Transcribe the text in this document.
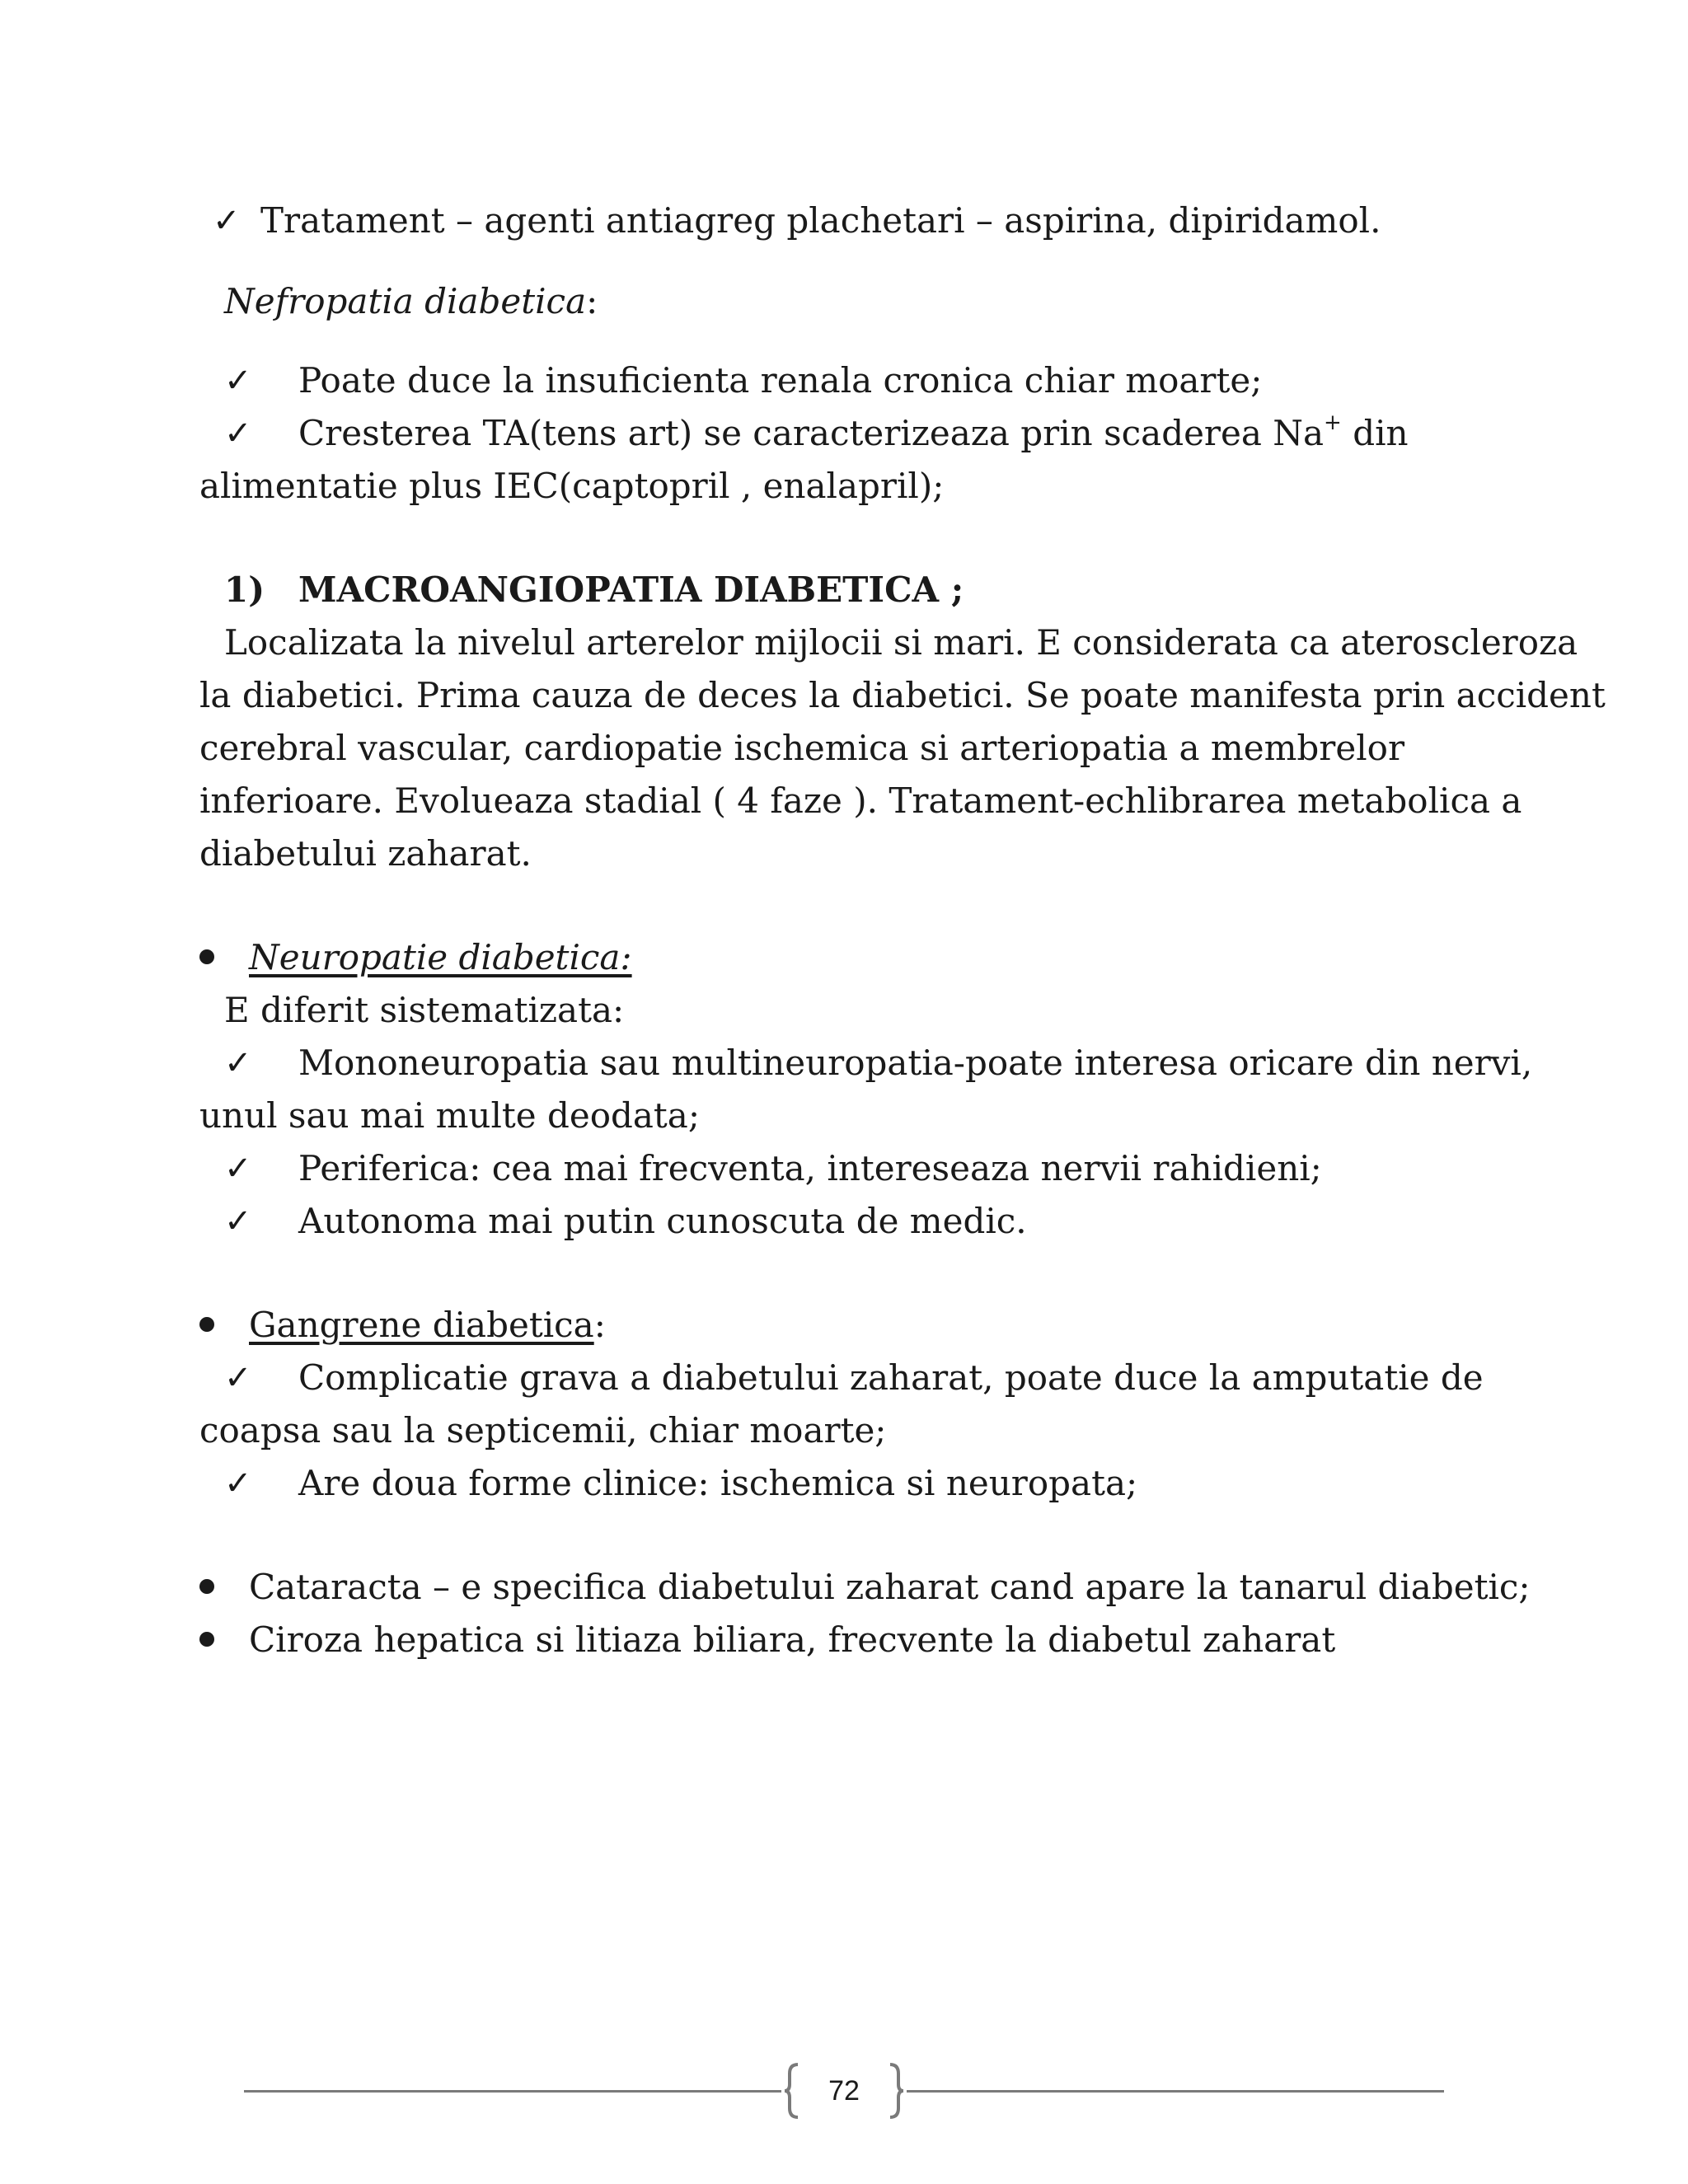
✓ Tratament – agenti antiagreg plachetari – aspirina, dipiridamol.
Nefropatia diabetica:
✓ Poate duce la insuficienta renala cronica chiar moarte;
✓ Cresterea TA(tens art) se caracterizeaza prin scaderea Na+ din
alimentatie plus IEC(captopril , enalapril);
1) MACROANGIOPATIA DIABETICA ;
Localizata la nivelul arterelor mijlocii si mari. E considerata ca ateroscleroza
la diabetici. Prima cauza de deces la diabetici. Se poate manifesta prin accident
cerebral vascular, cardiopatie ischemica si arteriopatia a membrelor
inferioare. Evolueaza stadial ( 4 faze ). Tratament-echlibrarea metabolica a
diabetului zaharat.
Neuropatie diabetica:
E diferit sistematizata:
✓ Mononeuropatia sau multineuropatia-poate interesa oricare din nervi,
unul sau mai multe deodata;
✓ Periferica: cea mai frecventa, intereseaza nervii rahidieni;
✓ Autonoma mai putin cunoscuta de medic.
Gangrene diabetica:
✓ Complicatie grava a diabetului zaharat, poate duce la amputatie de
coapsa sau la septicemii, chiar moarte;
✓ Are doua forme clinice: ischemica si neuropata;
Cataracta – e specifica diabetului zaharat cand apare la tanarul diabetic;
Ciroza hepatica si litiaza biliara, frecvente la diabetul zaharat
72
